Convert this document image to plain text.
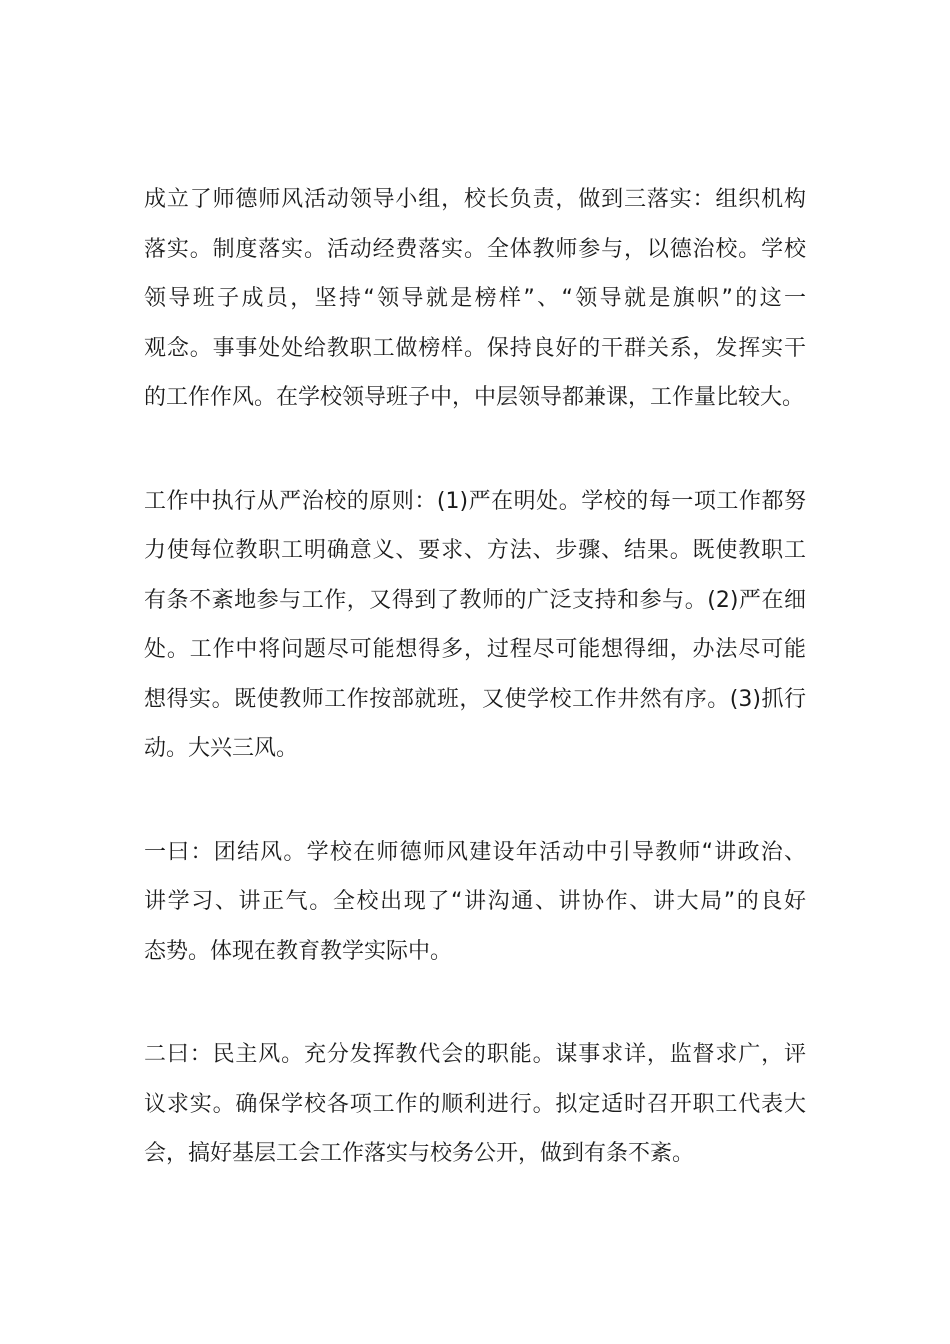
成立了师德师风活动领导小组，校长负责，做到三落实：组织机构
落实。制度落实。活动经费落实。全体教师参与，以德治校。学校
领导班子成员，坚持“领导就是榜样”、“领导就是旗帜”的这一
观念。事事处处给教职工做榜样。保持良好的干群关系，发挥实干
的工作作风。在学校领导班子中，中层领导都兼课，工作量比较大。
工作中执行从严治校的原则：(1)严在明处。学校的每一项工作都努
力使每位教职工明确意义、要求、方法、步骤、结果。既使教职工
有条不紊地参与工作，又得到了教师的广泛支持和参与。(2)严在细
处。工作中将问题尽可能想得多，过程尽可能想得细，办法尽可能
想得实。既使教师工作按部就班，又使学校工作井然有序。(3)抓行
动。大兴三风。
一曰：团结风。学校在师德师风建设年活动中引导教师“讲政治、
讲学习、讲正气。全校出现了“讲沟通、讲协作、讲大局”的良好
态势。体现在教育教学实际中。
二曰：民主风。充分发挥教代会的职能。谋事求详，监督求广，评
议求实。确保学校各项工作的顺利进行。拟定适时召开职工代表大
会，搞好基层工会工作落实与校务公开，做到有条不紊。
